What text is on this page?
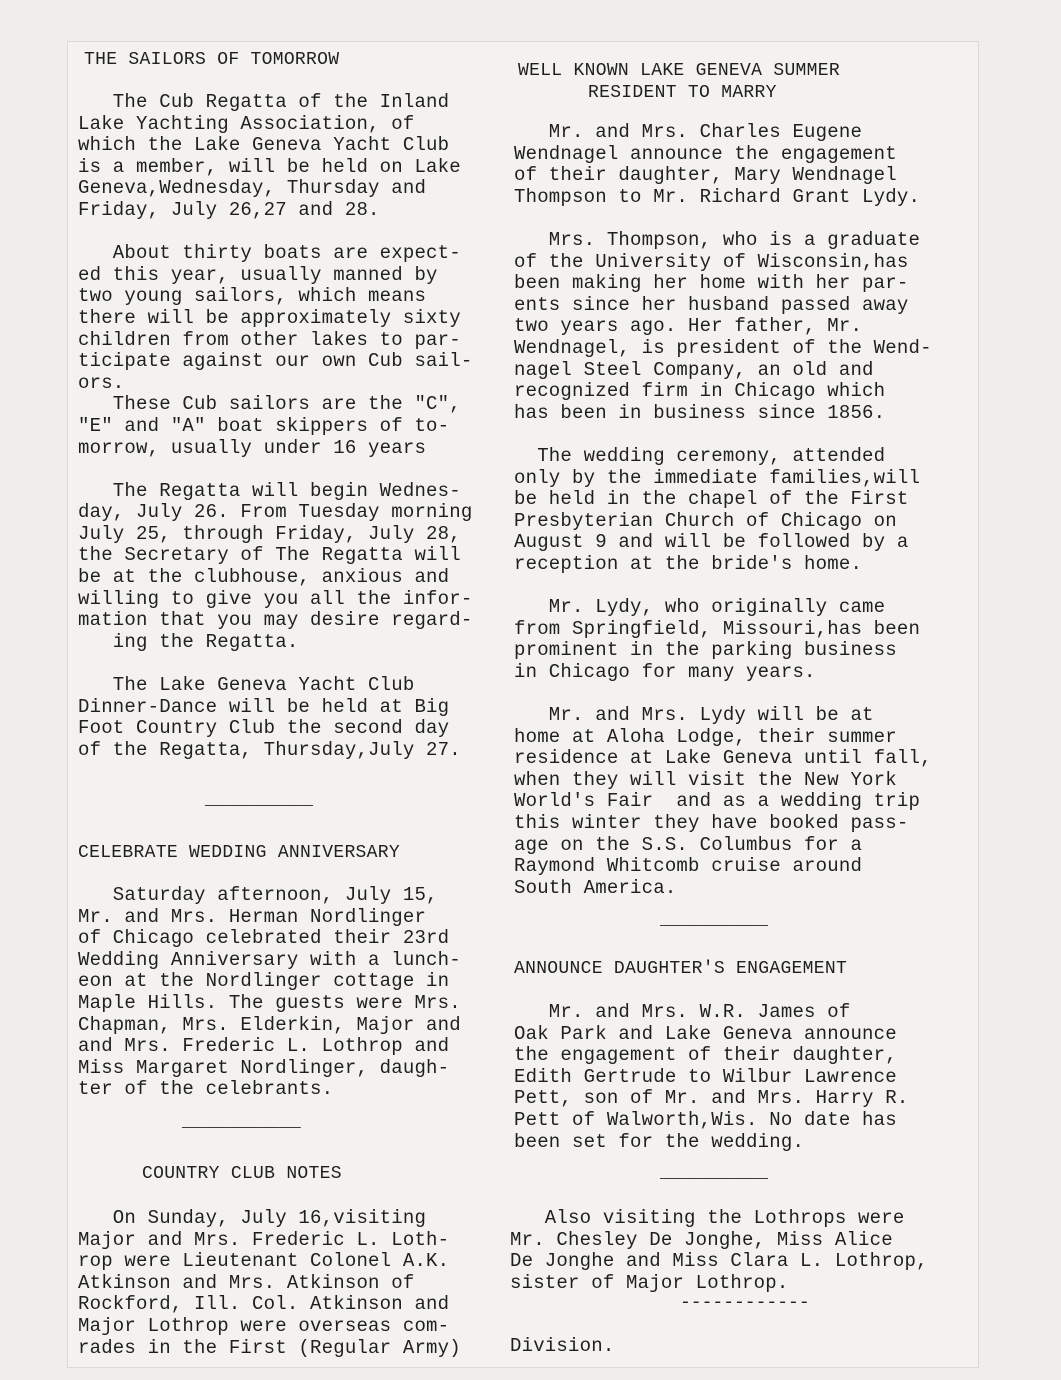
THE SAILORS OF TOMORROW
WELL KNOWN LAKE GENEVA SUMMER
RESIDENT TO MARRY

The Cub Regatta of the Inland

Lake Yachting Association, of

which the Lake Geneva Yacht Club

is a member, will be held on Lake

Geneva,Wednesday, Thursday and

Friday, July 26,27 and 28.

About thirty boats are expect-

ed this year, usually manned by

two young sailors, which means

there will be approximately sixty

children from other lakes to par-

ticipate against our own Cub sail-

ors.

These Cub sailors are the "C",

"E" and "A" boat skippers of to-

morrow, usually under 16 years

The Regatta will begin Wednes-

day, July 26. From Tuesday morning

July 25, through Friday, July 28,

the Secretary of The Regatta will

be at the clubhouse, anxious and

willing to give you all the infor-

mation that you may desire regard-

ing the Regatta.

The Lake Geneva Yacht Club

Dinner-Dance will be held at Big

Foot Country Club the second day

of the Regatta, Thursday,July 27.

__________
CELEBRATE WEDDING ANNIVERSARY

Saturday afternoon, July 15,

Mr. and Mrs. Herman Nordlinger

of Chicago celebrated their 23rd

Wedding Anniversary with a lunch-

eon at the Nordlinger cottage in

Maple Hills. The guests were Mrs.

Chapman, Mrs. Elderkin, Major and

and Mrs. Frederic L. Lothrop and

Miss Margaret Nordlinger, daugh-

ter of the celebrants.

___________
COUNTRY CLUB NOTES

On Sunday, July 16,visiting

Major and Mrs. Frederic L. Loth-

rop were Lieutenant Colonel A.K.

Atkinson and Mrs. Atkinson of

Rockford, Ill. Col. Atkinson and

Major Lothrop were overseas com-

rades in the First (Regular Army)

Mr. and Mrs. Charles Eugene

Wendnagel announce the engagement

of their daughter, Mary Wendnagel

Thompson to Mr. Richard Grant Lydy.

Mrs. Thompson, who is a graduate

of the University of Wisconsin,has

been making her home with her par-

ents since her husband passed away

two years ago. Her father, Mr.

Wendnagel, is president of the Wend-

nagel Steel Company, an old and

recognized firm in Chicago which

has been in business since 1856.

The wedding ceremony, attended

only by the immediate families,will

be held in the chapel of the First

Presbyterian Church of Chicago on

August 9 and will be followed by a

reception at the bride's home.

Mr. Lydy, who originally came

from Springfield, Missouri,has been

prominent in the parking business

in Chicago for many years.

Mr. and Mrs. Lydy will be at

home at Aloha Lodge, their summer

residence at Lake Geneva until fall,

when they will visit the New York

World's Fair  and as a wedding trip

this winter they have booked pass-

age on the S.S. Columbus for a

Raymond Whitcomb cruise around

South America.

__________
ANNOUNCE DAUGHTER'S ENGAGEMENT

Mr. and Mrs. W.R. James of

Oak Park and Lake Geneva announce

the engagement of their daughter,

Edith Gertrude to Wilbur Lawrence

Pett, son of Mr. and Mrs. Harry R.

Pett of Walworth,Wis. No date has

been set for the wedding.

__________

Also visiting the Lothrops were

Mr. Chesley De Jonghe, Miss Alice

De Jonghe and Miss Clara L. Lothrop,

sister of Major Lothrop.

------------

Division.
